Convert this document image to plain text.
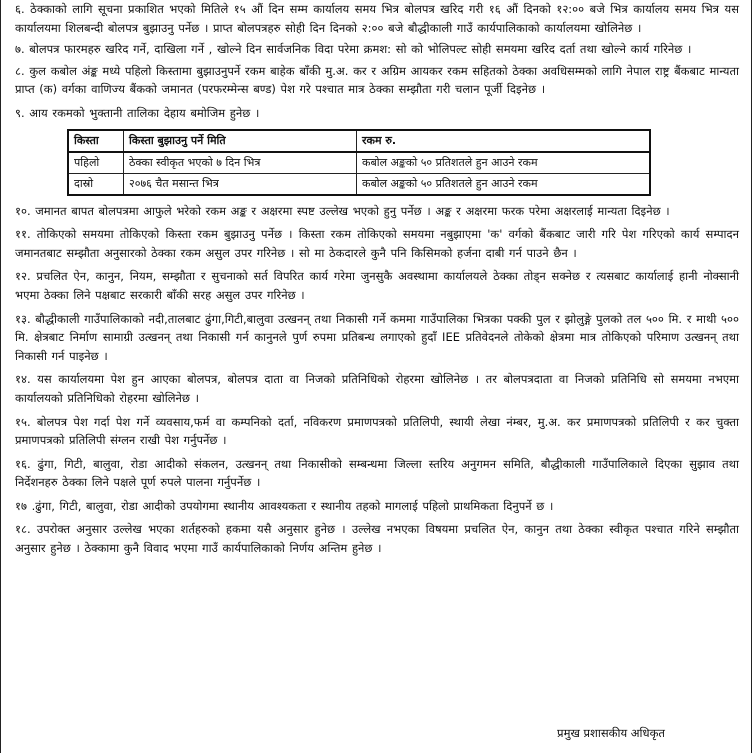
६. ठेक्काको लागि सूचना प्रकाशित भएको मितिले १५ औं दिन सम्म कार्यालय समय भित्र बोलपत्र खरिद गरी १६ औं दिनको १२:०० बजे भित्र कार्यालय समय भित्र यस कार्यालयमा शिलबन्दी बोलपत्र बुझाउनु पर्नेछ । प्राप्त बोलपत्रहरु सोही दिन दिनको २:०० बजे बौद्धीकाली गाउँ कार्यपालिकाको कार्यालयमा खोलिनेछ ।

७. बोलपत्र फारमहरु खरिद गर्ने, दाखिला गर्ने , खोल्ने दिन सार्वजनिक विदा परेमा क्रमश: सो को भोलिपल्ट सोही समयमा खरिद दर्ता तथा खोल्ने कार्य गरिनेछ ।

८. कुल कबोल अंङ्क मध्ये पहिलो किस्तामा बुझाउनुपर्ने रकम बाहेक बाँकी मु.अ. कर र अग्रिम आयकर रकम सहितको ठेक्का अवधिसम्मको लागि नेपाल राष्ट्र बैंकबाट मान्यता प्राप्त (क) वर्गका वाणिज्य बैंकको जमानत (परफरम्मेन्स बण्ड) पेश गरे पश्चात मात्र ठेक्का सम्झौता गरी चलान पूर्जी दिइनेछ ।

९. आय रकमको भुक्तानी तालिका देहाय बमोजिम हुनेछ ।

किस्ता	किस्ता बुझाउनु पर्ने मिति	रकम रु.
पहिलो	ठेक्का स्वीकृत भएको ७ दिन भित्र	कबोल अङ्कको ५० प्रतिशतले हुन आउने रकम
दास्रो	२०७६ चैत मसान्त भित्र	कबोल अङ्कको ५० प्रतिशतले हुन आउने रकम

१०. जमानत बापत बोलपत्रमा आफुले भरेको रकम अङ्क र अक्षरमा स्पष्ट उल्लेख भएको हुनु पर्नेछ । अङ्क र अक्षरमा फरक परेमा अक्षरलाई मान्यता दिइनेछ ।

११. तोकिएको समयमा तोकिएको किस्ता रकम बुझाउनु पर्नेछ । किस्ता रकम तोकिएको समयमा नबुझाएमा 'क' वर्गको बैंकबाट जारी गरि पेश गरिएको कार्य सम्पादन जमानतबाट सम्झौता अनुसारको ठेक्का रकम असुल उपर गरिनेछ । सो मा ठेकदारले कुनै पनि किसिमको हर्जना दाबी गर्न पाउने छैन ।

१२. प्रचलित ऐन, कानुन, नियम, सम्झौता र सुचनाको सर्त विपरित कार्य गरेमा जुनसुकै अवस्थामा कार्यालयले ठेक्का तोड्न सक्नेछ र त्यसबाट कार्यालाई हानी नोक्सानी भएमा ठेक्का लिने पक्षबाट सरकारी बाँकी सरह असुल उपर गरिनेछ ।

१३. बौद्धीकाली गाउँपालिकाको नदी,तालबाट ढुंगा,गिटी,बालुवा उत्खनन् तथा निकासी गर्ने कममा गाउँपालिका भित्रका पक्की पुल र झोलुङ्गे पुलको तल ५०० मि. र माथी ५०० मि. क्षेत्रबाट निर्माण सामाग्री उत्खनन् तथा निकासी गर्न कानुनले पुर्ण रुपमा प्रतिबन्ध लगाएको हुदाँ IEE प्रतिवेदनले तोकेको क्षेत्रमा मात्र तोकिएको परिमाण उत्खनन् तथा निकासी गर्न पाइनेछ ।

१४. यस कार्यालयमा पेश हुन आएका बोलपत्र, बोलपत्र दाता वा निजको प्रतिनिधिको रोहरमा खोलिनेछ । तर बोलपत्रदाता वा निजको प्रतिनिधि सो समयमा नभएमा कार्यालयको प्रतिनिधिको रोहरमा खोलिनेछ ।

१५. बोलपत्र पेश गर्दा पेश गर्ने व्यवसाय,फर्म वा कम्पनिको दर्ता, नविकरण प्रमाणपत्रको प्रतिलिपी, स्थायी लेखा नंम्बर, मु.अ. कर प्रमाणपत्रको प्रतिलिपी र कर चुक्ता प्रमाणपत्रको प्रतिलिपी संग्लन राखी पेश गर्नुपर्नेछ ।

१६. ढुंगा, गिटी, बालुवा, रोडा आदीको संकलन, उत्खनन् तथा निकासीको सम्बन्धमा जिल्ला स्तरिय अनुगमन समिति, बौद्धीकाली गाउँपालिकाले दिएका सुझाव तथा निर्देशनहरु ठेक्का लिने पक्षले पूर्ण रुपले पालना गर्नुपर्नेछ ।

१७ .ढुंगा, गिटी, बालुवा, रोडा आदीको उपयोगमा स्थानीय आवश्यकता र स्थानीय तहको मागलाई पहिलो प्राथमिकता दिनुपर्ने छ ।

१८. उपरोक्त अनुसार उल्लेख भएका शर्तहरुको हकमा यसै अनुसार हुनेछ । उल्लेख नभएका विषयमा प्रचलित ऐन, कानुन तथा ठेक्का स्वीकृत पश्चात गरिने सम्झौता अनुसार हुनेछ । ठेक्कामा कुनै विवाद भएमा गाउँ कार्यपालिकाको निर्णय अन्तिम हुनेछ ।

प्रमुख प्रशासकीय अधिकृत
